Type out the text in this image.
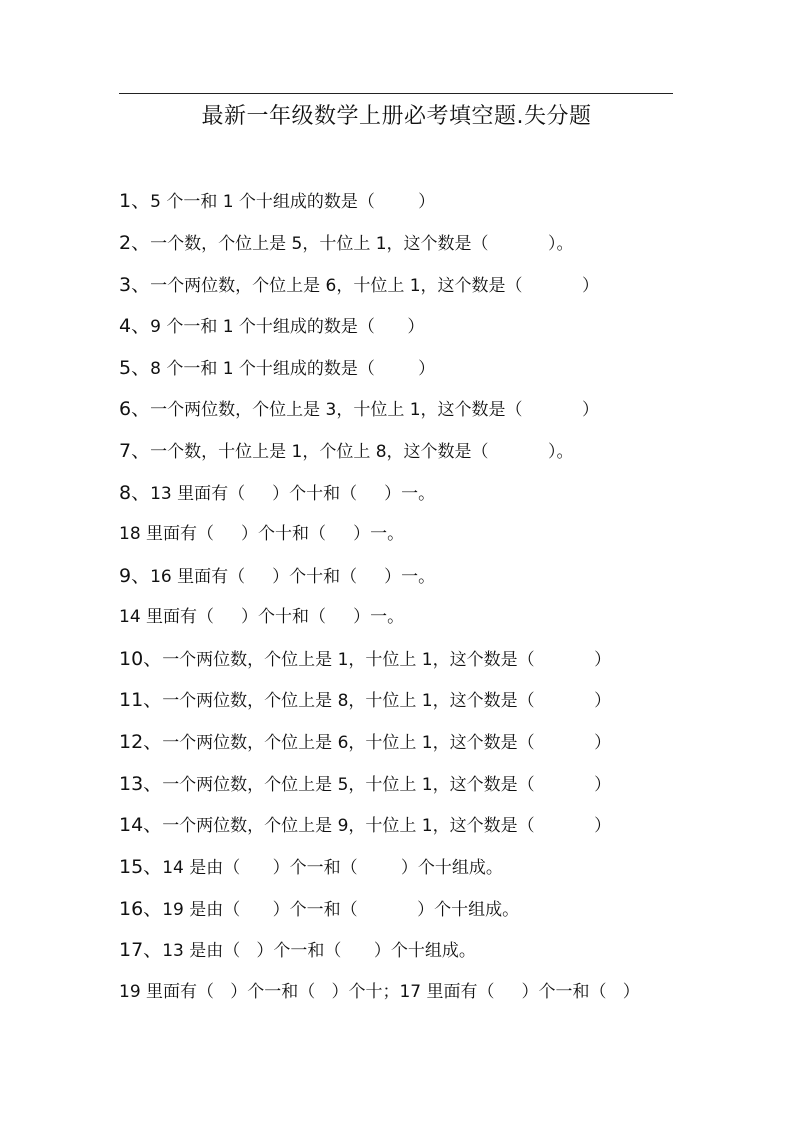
最新一年级数学上册必考填空题.失分题
1、5 个一和 1 个十组成的数是（        ）
2、一个数，个位上是 5，十位上 1，这个数是（           ）。
3、一个两位数，个位上是 6，十位上 1，这个数是（           ）
4、9 个一和 1 个十组成的数是（      ）
5、8 个一和 1 个十组成的数是（        ）
6、一个两位数，个位上是 3，十位上 1，这个数是（           ）
7、一个数，十位上是 1，个位上 8，这个数是（           ）。
8、13 里面有（     ）个十和（     ）一。
18 里面有（     ）个十和（     ）一。
9、16 里面有（     ）个十和（     ）一。
14 里面有（     ）个十和（     ）一。
10、一个两位数，个位上是 1，十位上 1，这个数是（           ）
11、一个两位数，个位上是 8，十位上 1，这个数是（           ）
12、一个两位数，个位上是 6，十位上 1，这个数是（           ）
13、一个两位数，个位上是 5，十位上 1，这个数是（           ）
14、一个两位数，个位上是 9，十位上 1，这个数是（           ）
15、14 是由（      ）个一和（        ）个十组成。
16、19 是由（      ）个一和（           ）个十组成。
17、13 是由（   ）个一和（      ）个十组成。
19 里面有（   ）个一和（   ）个十；17 里面有（     ）个一和（   ）
